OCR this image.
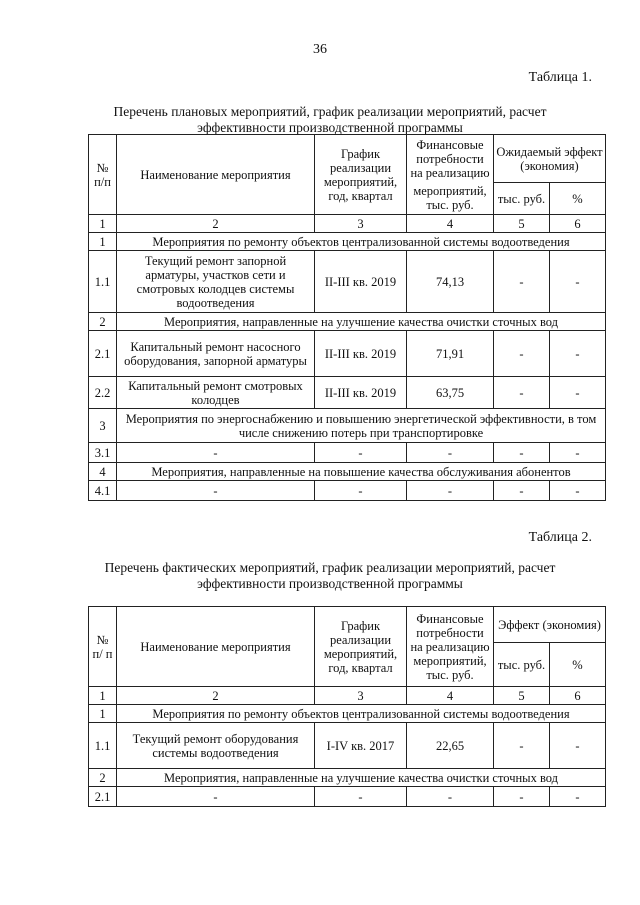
36
Таблица 1.
Перечень плановых мероприятий, график реализации мероприятий, расчет
эффективности производственной программы
№ п/п	Наименование мероприятия	График реализации мероприятий, год, квартал	Финансовые потребности на реализацию	Ожидаемый эффект (экономия)	
			мероприятий, тыс. руб.	тыс. руб.	%
1	2	3	4	5	6
1	Мероприятия по ремонту объектов централизованной системы водоотведения				
1.1	Текущий ремонт запорной арматуры, участков сети и смотровых колодцев системы водоотведения	II-III кв. 2019	74,13	-	-
2	Мероприятия, направленные на улучшение качества очистки сточных вод				
2.1	Капитальный ремонт насосного оборудования, запорной арматуры	II-III кв. 2019	71,91	-	-
2.2	Капитальный ремонт смотровых колодцев	II-III кв. 2019	63,75	-	-
3	Мероприятия по энергоснабжению и повышению энергетической эффективности, в том числе снижению потерь при транспортировке				
3.1	-	-	-	-	-
4	Мероприятия, направленные на повышение качества обслуживания абонентов				
4.1	-	-	-	-	-
Таблица 2.
Перечень фактических мероприятий, график реализации мероприятий, расчет
эффективности производственной программы
№ п/ п	Наименование мероприятия	График реализации мероприятий, год, квартал	Финансовые потребности на реализацию мероприятий, тыс. руб.	Эффект (экономия)	
				тыс. руб.	%
1	2	3	4	5	6
1	Мероприятия по ремонту объектов централизованной системы водоотведения				
1.1	Текущий ремонт оборудования системы водоотведения	I-IV кв. 2017	22,65	-	-
2	Мероприятия, направленные на улучшение качества очистки сточных вод				
2.1	-	-	-	-	-
